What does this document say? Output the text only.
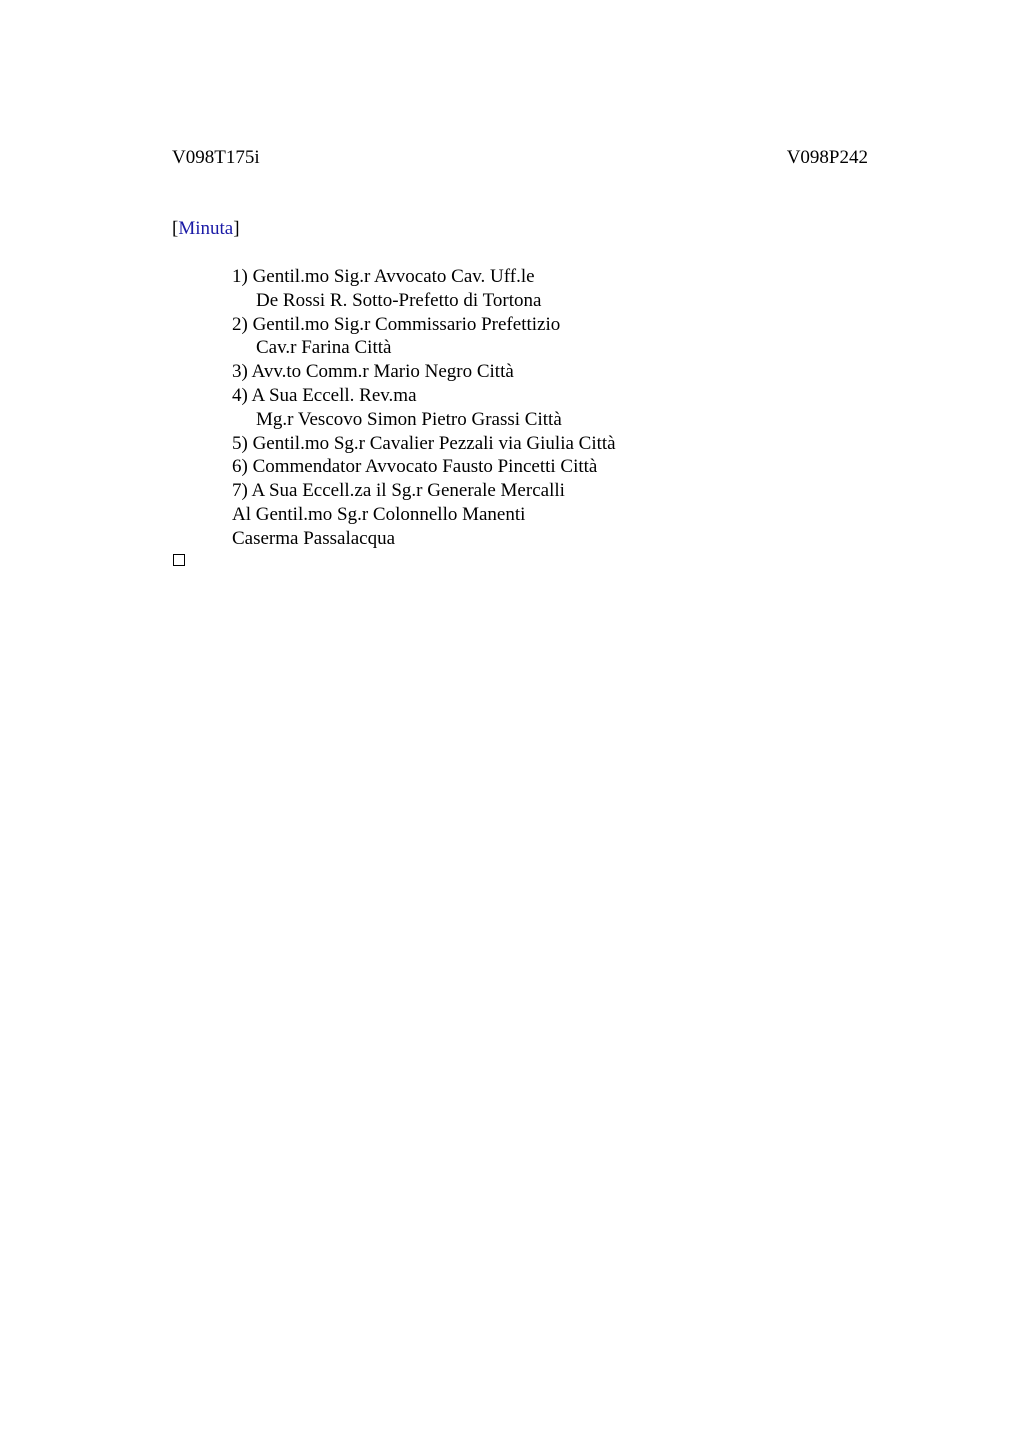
V098T175i	V098P242
[Minuta]
1) Gentil.mo Sig.r Avvocato Cav. Uff.le
De Rossi R. Sotto-Prefetto di Tortona
2) Gentil.mo Sig.r Commissario Prefettizio
Cav.r Farina Città
3) Avv.to Comm.r Mario Negro Città
4) A Sua Eccell. Rev.ma
Mg.r Vescovo Simon Pietro Grassi Città
5) Gentil.mo Sg.r Cavalier Pezzali via Giulia Città
6) Commendator Avvocato Fausto Pincetti Città
7) A Sua Eccell.za il Sg.r Generale Mercalli
Al Gentil.mo Sg.r Colonnello Manenti
Caserma Passalacqua
